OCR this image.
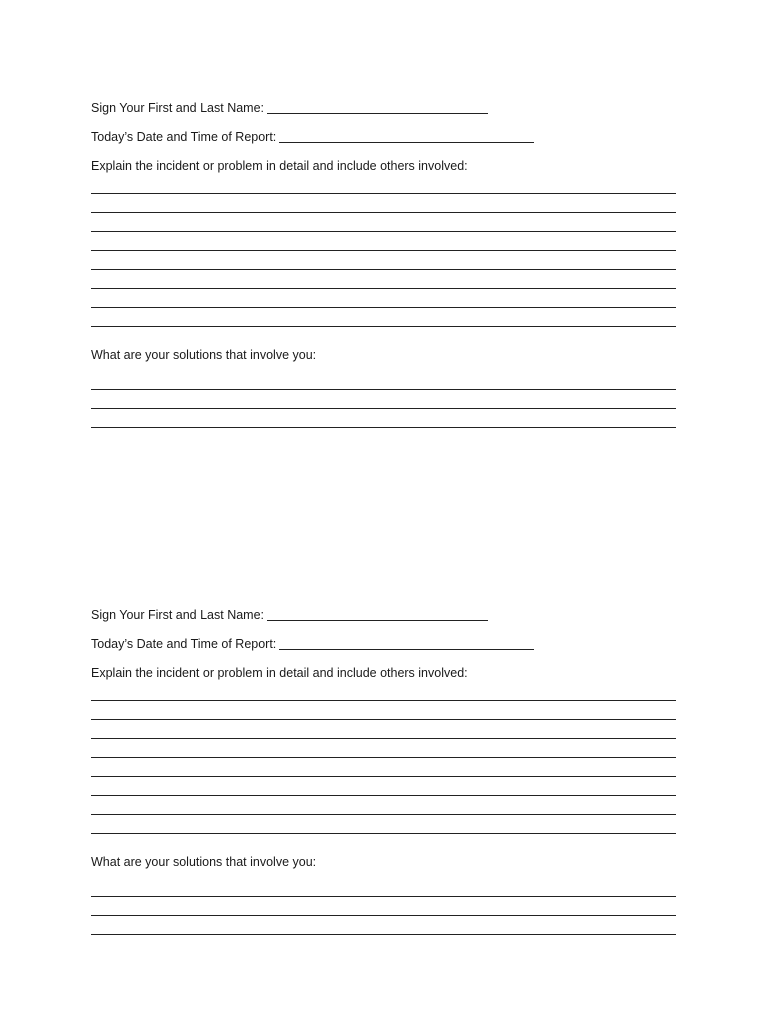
Sign Your First and Last Name:
Today’s Date and Time of Report:
Explain the incident or problem in detail and include others involved:
What are your solutions that involve you:
Sign Your First and Last Name:
Today’s Date and Time of Report:
Explain the incident or problem in detail and include others involved:
What are your solutions that involve you:
